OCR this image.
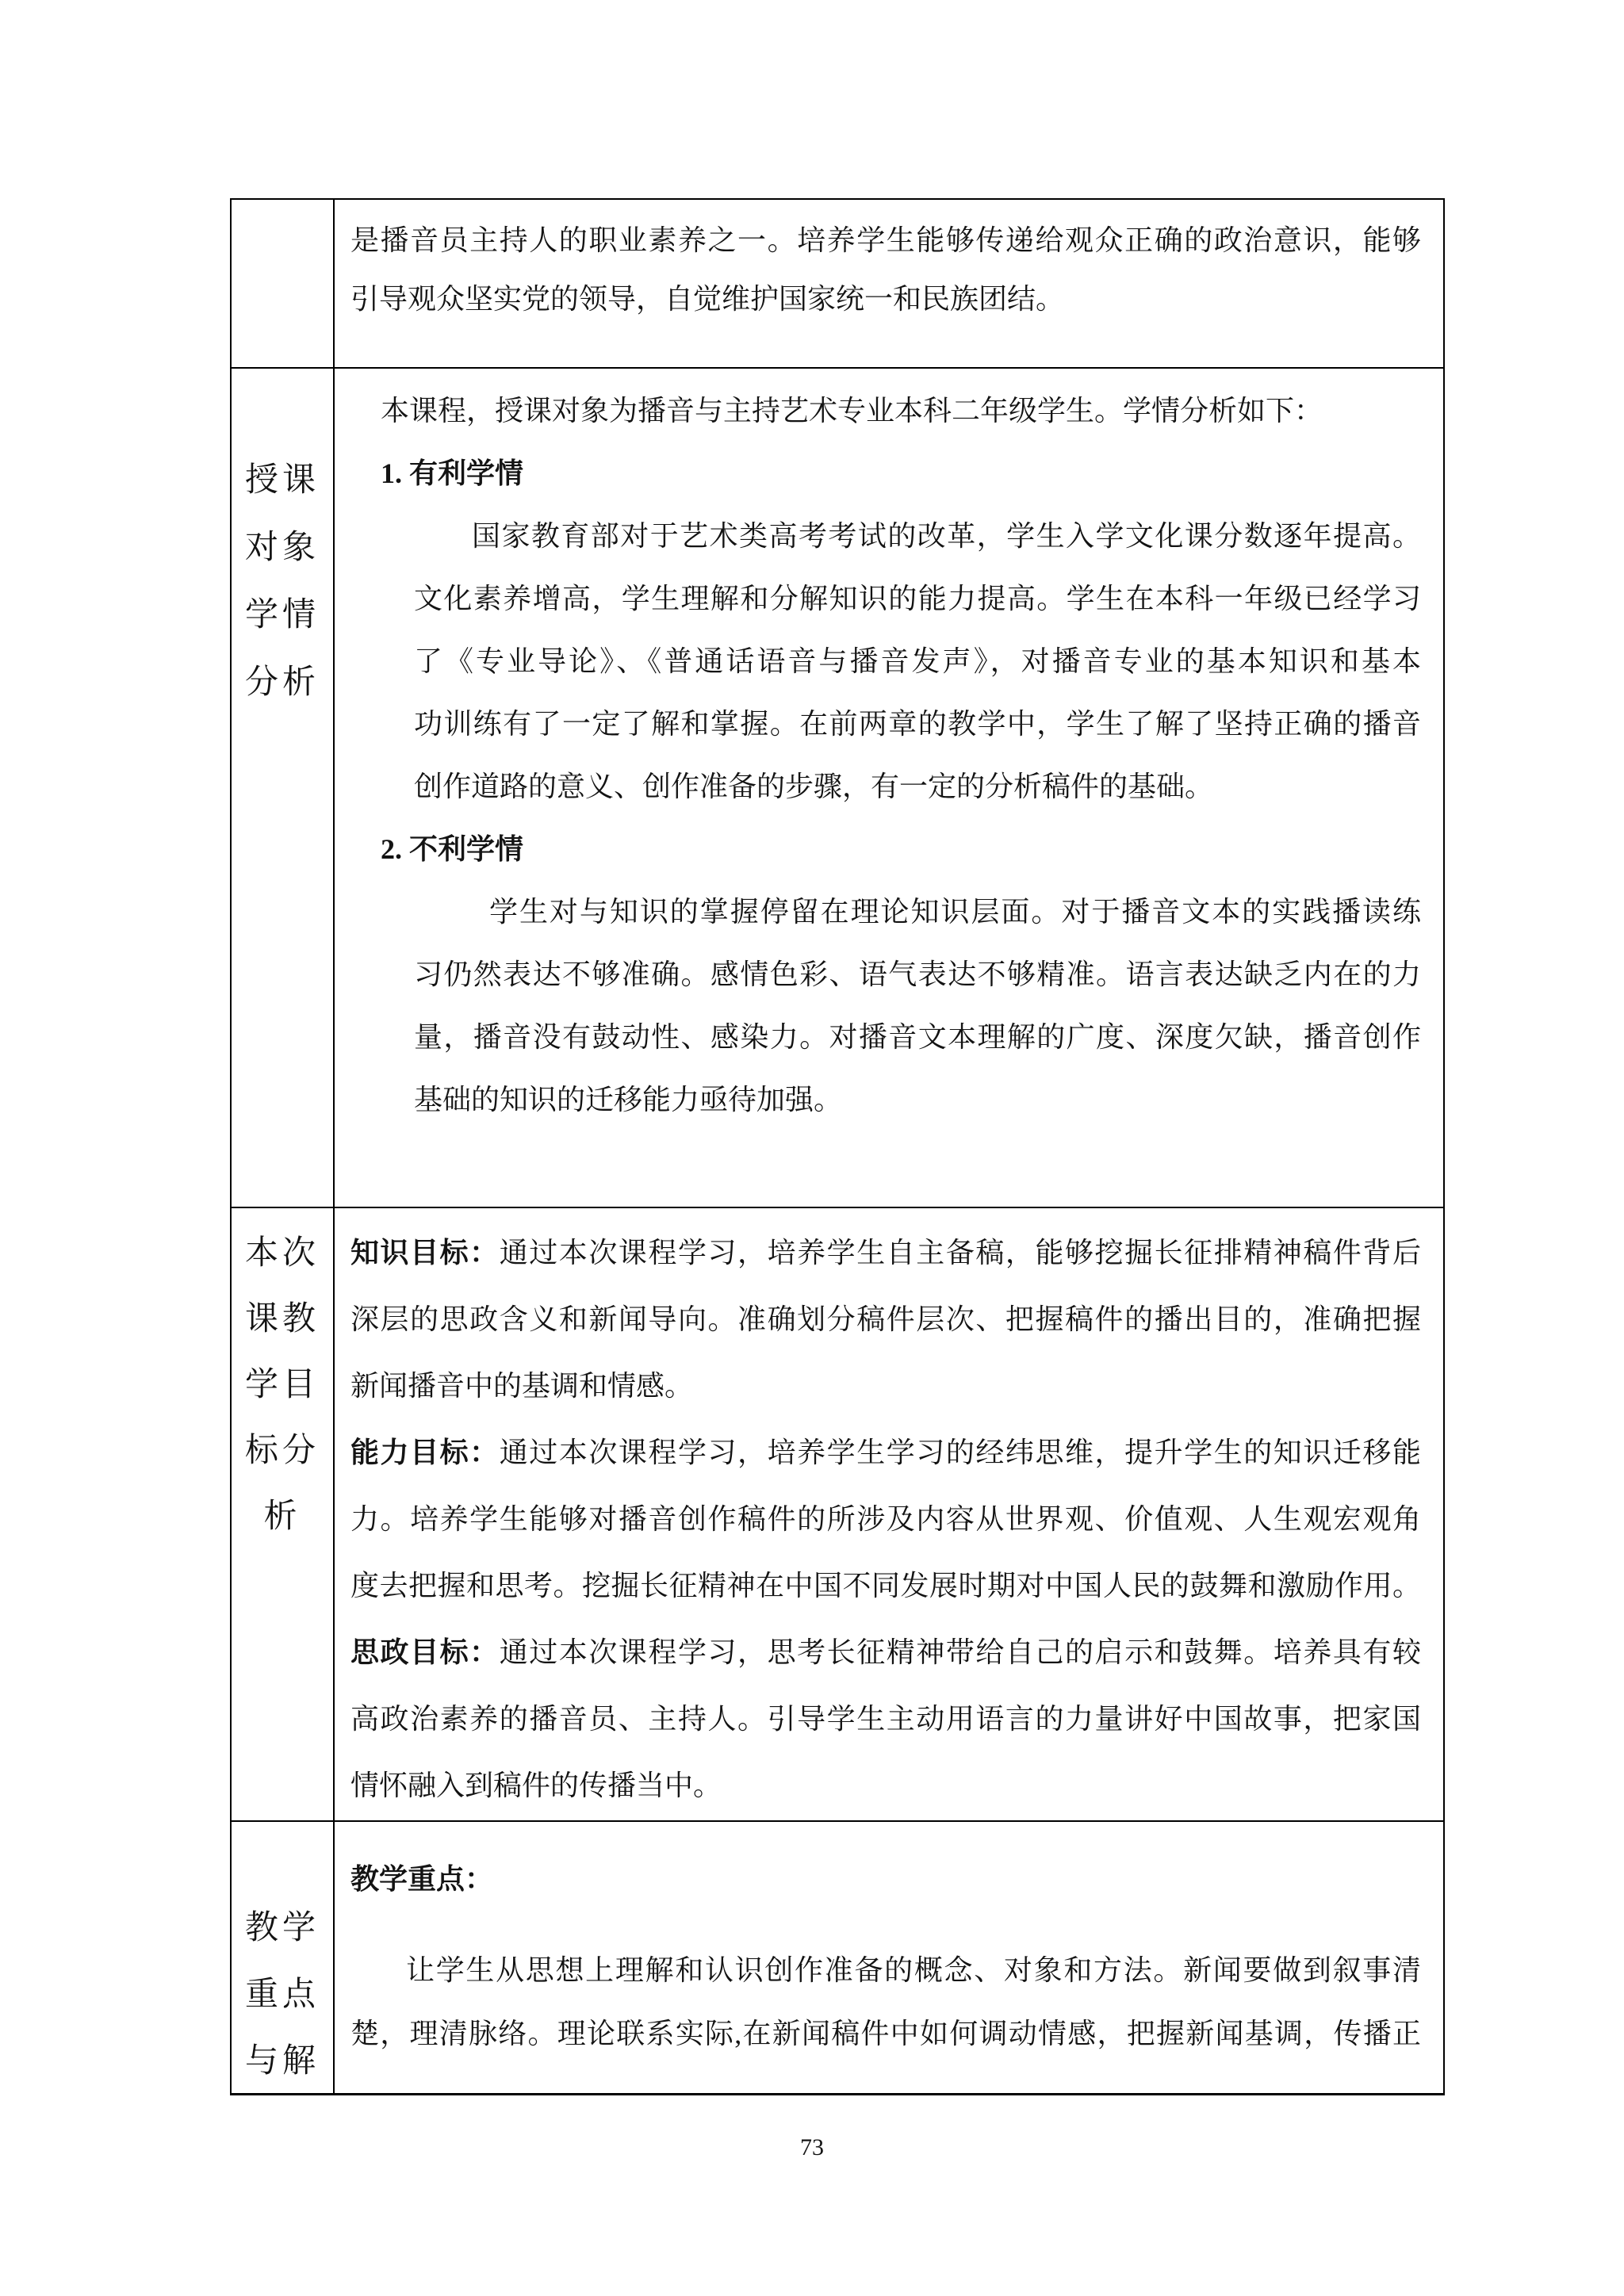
是播音员主持人的职业素养之一。培养学生能够传递给观众正确的政治意识，能够
引导观众坚实党的领导，自觉维护国家统一和民族团结。
授课
对象
学情
分析
本课程，授课对象为播音与主持艺术专业本科二年级学生。学情分析如下：
1. 有利学情
国家教育部对于艺术类高考考试的改革，学生入学文化课分数逐年提高。
文化素养增高，学生理解和分解知识的能力提高。学生在本科一年级已经学习
了《专业导论》、《普通话语音与播音发声》，对播音专业的基本知识和基本
功训练有了一定了解和掌握。在前两章的教学中，学生了解了坚持正确的播音
创作道路的意义、创作准备的步骤，有一定的分析稿件的基础。
2. 不利学情
学生对与知识的掌握停留在理论知识层面。对于播音文本的实践播读练
习仍然表达不够准确。感情色彩、语气表达不够精准。语言表达缺乏内在的力
量，播音没有鼓动性、感染力。对播音文本理解的广度、深度欠缺，播音创作
基础的知识的迁移能力亟待加强。
本次
课教
学目
标分
析
知识目标：通过本次课程学习，培养学生自主备稿，能够挖掘长征排精神稿件背后
深层的思政含义和新闻导向。准确划分稿件层次、把握稿件的播出目的，准确把握
新闻播音中的基调和情感。
能力目标：通过本次课程学习，培养学生学习的经纬思维，提升学生的知识迁移能
力。培养学生能够对播音创作稿件的所涉及内容从世界观、价值观、人生观宏观角
度去把握和思考。挖掘长征精神在中国不同发展时期对中国人民的鼓舞和激励作用。
思政目标：通过本次课程学习，思考长征精神带给自己的启示和鼓舞。培养具有较
高政治素养的播音员、主持人。引导学生主动用语言的力量讲好中国故事，把家国
情怀融入到稿件的传播当中。
教学
重点
与解
教学重点：
让学生从思想上理解和认识创作准备的概念、对象和方法。新闻要做到叙事清
楚，理清脉络。理论联系实际,在新闻稿件中如何调动情感，把握新闻基调，传播正
73
